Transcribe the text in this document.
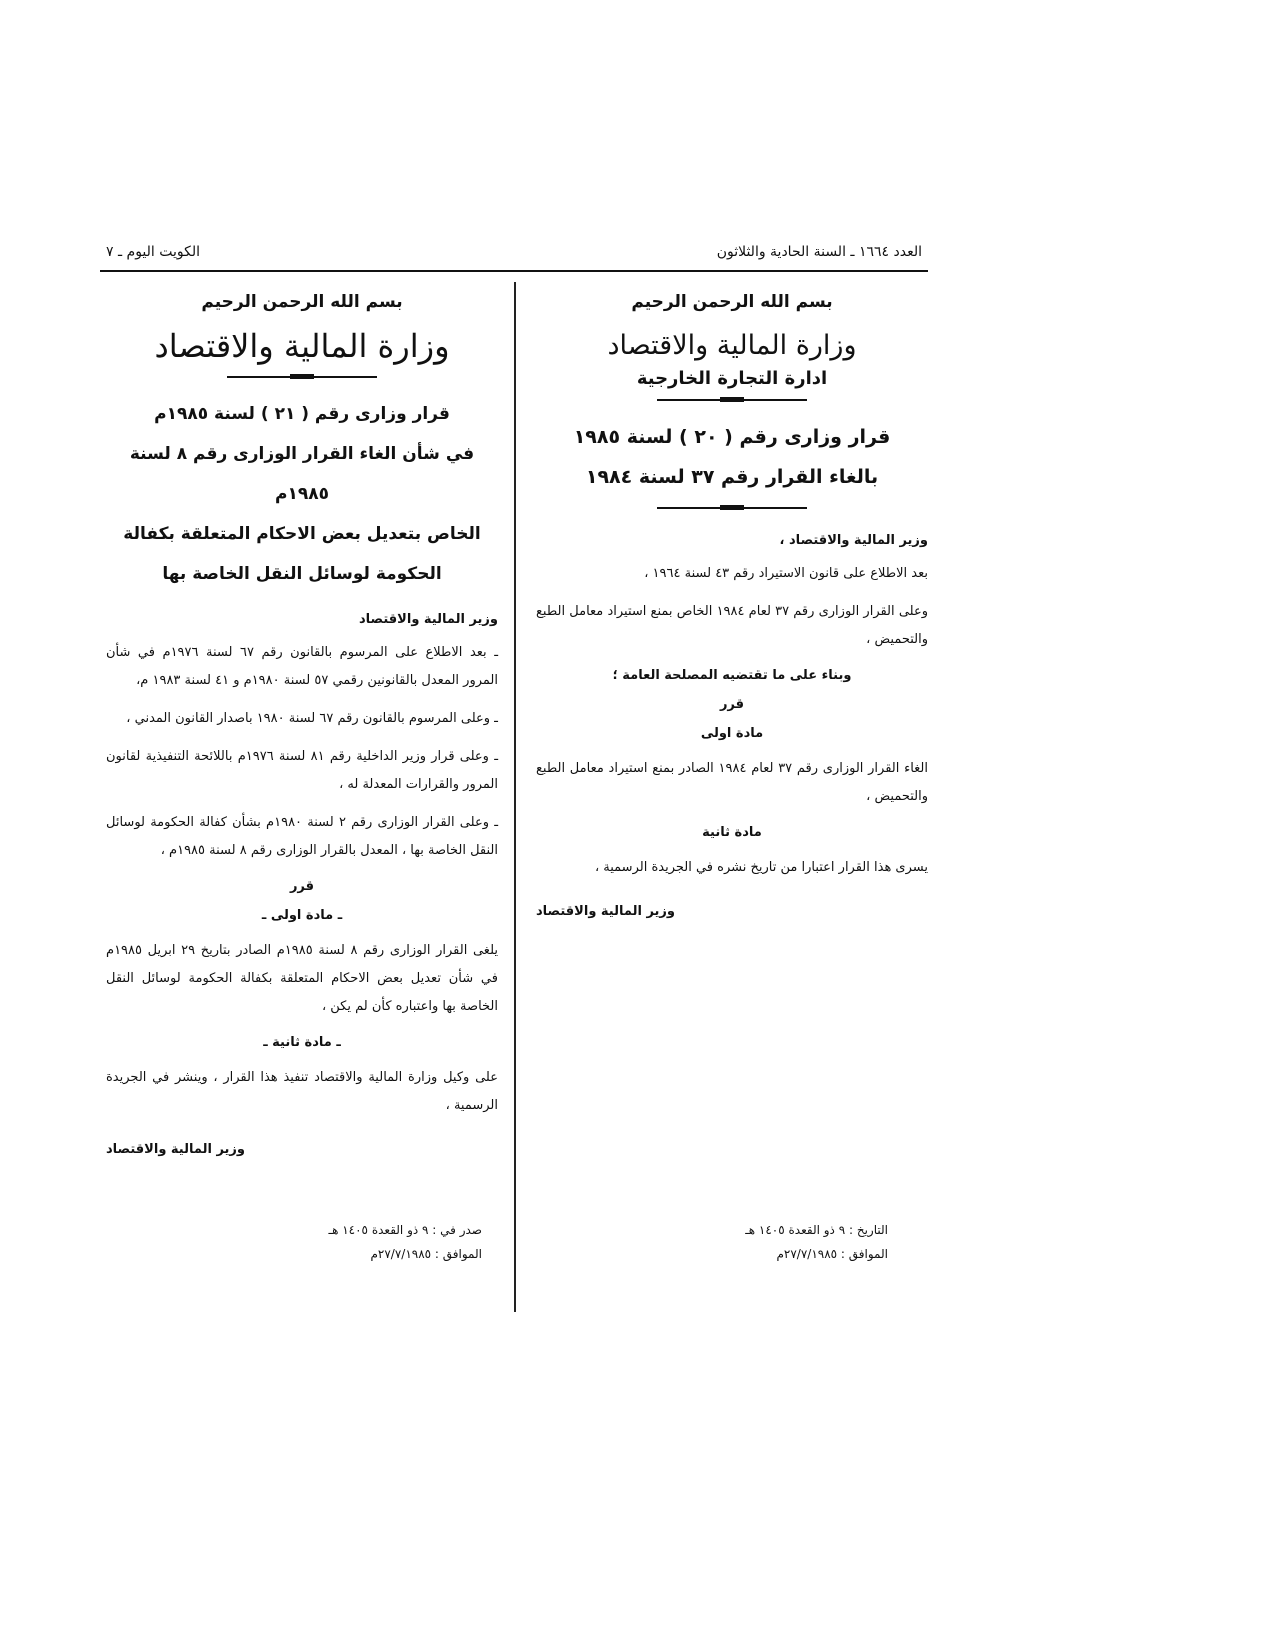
العدد ١٦٦٤ ـ السنة الحادية والثلاثون
الكويت اليوم ـ ٧
بسم الله الرحمن الرحيم
وزارة المالية والاقتصاد
ادارة التجارة الخارجية
قرار وزارى رقم ( ٢٠ ) لسنة ١٩٨٥
بالغاء القرار رقم ٣٧ لسنة ١٩٨٤
وزير المالية والاقتصاد ،
بعد الاطلاع على قانون الاستيراد رقم ٤٣ لسنة ١٩٦٤ ،
وعلى القرار الوزارى رقم ٣٧ لعام ١٩٨٤ الخاص بمنع استيراد معامل الطبع والتحميض ،
وبناء على ما تقتضيه المصلحة العامة ؛
قرر
مادة اولى
الغاء القرار الوزارى رقم ٣٧ لعام ١٩٨٤ الصادر بمنع استيراد معامل الطبع والتحميض ،
مادة ثانية
يسرى هذا القرار اعتبارا من تاريخ نشره في الجريدة الرسمية ،
وزير المالية والاقتصاد
بسم الله الرحمن الرحيم
وزارة المالية والاقتصاد
قرار وزارى رقم ( ٢١ ) لسنة ١٩٨٥م
في شأن الغاء القرار الوزارى رقم ٨ لسنة ١٩٨٥م
الخاص بتعديل بعض الاحكام المتعلقة بكفالة
الحكومة لوسائل النقل الخاصة بها
وزير المالية والاقتصاد
ـ بعد الاطلاع على المرسوم بالقانون رقم ٦٧ لسنة ١٩٧٦م في شأن المرور المعدل بالقانونين رقمي ٥٧ لسنة ١٩٨٠م و ٤١ لسنة ١٩٨٣ م،
ـ وعلى المرسوم بالقانون رقم ٦٧ لسنة ١٩٨٠ باصدار القانون المدني ،
ـ وعلى قرار وزير الداخلية رقم ٨١ لسنة ١٩٧٦م باللائحة التنفيذية لقانون المرور والقرارات المعدلة له ،
ـ وعلى القرار الوزارى رقم ٢ لسنة ١٩٨٠م بشأن كفالة الحكومة لوسائل النقل الخاصة بها ، المعدل بالقرار الوزارى رقم ٨ لسنة ١٩٨٥م ،
قرر
ـ مادة اولى ـ
يلغى القرار الوزارى رقم ٨ لسنة ١٩٨٥م الصادر بتاريخ ٢٩ ابريل ١٩٨٥م في شأن تعديل بعض الاحكام المتعلقة بكفالة الحكومة لوسائل النقل الخاصة بها واعتباره كأن لم يكن ،
ـ مادة ثانية ـ
على وكيل وزارة المالية والاقتصاد تنفيذ هذا القرار ، وينشر في الجريدة الرسمية ،
وزير المالية والاقتصاد
التاريخ : ٩ ذو القعدة ١٤٠٥ هـ
الموافق : ٢٧/٧/١٩٨٥م
صدر في : ٩ ذو القعدة ١٤٠٥ هـ
الموافق : ٢٧/٧/١٩٨٥م
